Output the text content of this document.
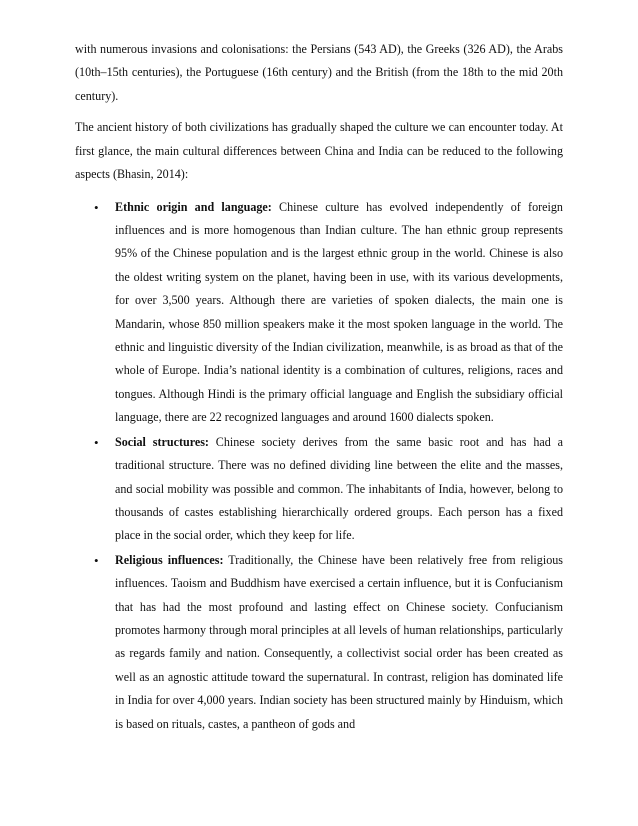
with numerous invasions and colonisations: the Persians (543 AD), the Greeks (326 AD), the Arabs (10th–15th centuries), the Portuguese (16th century) and the British (from the 18th to the mid 20th century).

The ancient history of both civilizations has gradually shaped the culture we can encounter today. At first glance, the main cultural differences between China and India can be reduced to the following aspects (Bhasin, 2014):

• Ethnic origin and language: Chinese culture has evolved independently of foreign influences and is more homogenous than Indian culture. The han ethnic group represents 95% of the Chinese population and is the largest ethnic group in the world. Chinese is also the oldest writing system on the planet, having been in use, with its various developments, for over 3,500 years. Although there are varieties of spoken dialects, the main one is Mandarin, whose 850 million speakers make it the most spoken language in the world. The ethnic and linguistic diversity of the Indian civilization, meanwhile, is as broad as that of the whole of Europe. India’s national identity is a combination of cultures, religions, races and tongues. Although Hindi is the primary official language and English the subsidiary official language, there are 22 recognized languages and around 1600 dialects spoken.
• Social structures: Chinese society derives from the same basic root and has had a traditional structure. There was no defined dividing line between the elite and the masses, and social mobility was possible and common. The inhabitants of India, however, belong to thousands of castes establishing hierarchically ordered groups. Each person has a fixed place in the social order, which they keep for life.
• Religious influences: Traditionally, the Chinese have been relatively free from religious influences. Taoism and Buddhism have exercised a certain influence, but it is Confucianism that has had the most profound and lasting effect on Chinese society. Confucianism promotes harmony through moral principles at all levels of human relationships, particularly as regards family and nation. Consequently, a collectivist social order has been created as well as an agnostic attitude toward the supernatural. In contrast, religion has dominated life in India for over 4,000 years. Indian society has been structured mainly by Hinduism, which is based on rituals, castes, a pantheon of gods and
